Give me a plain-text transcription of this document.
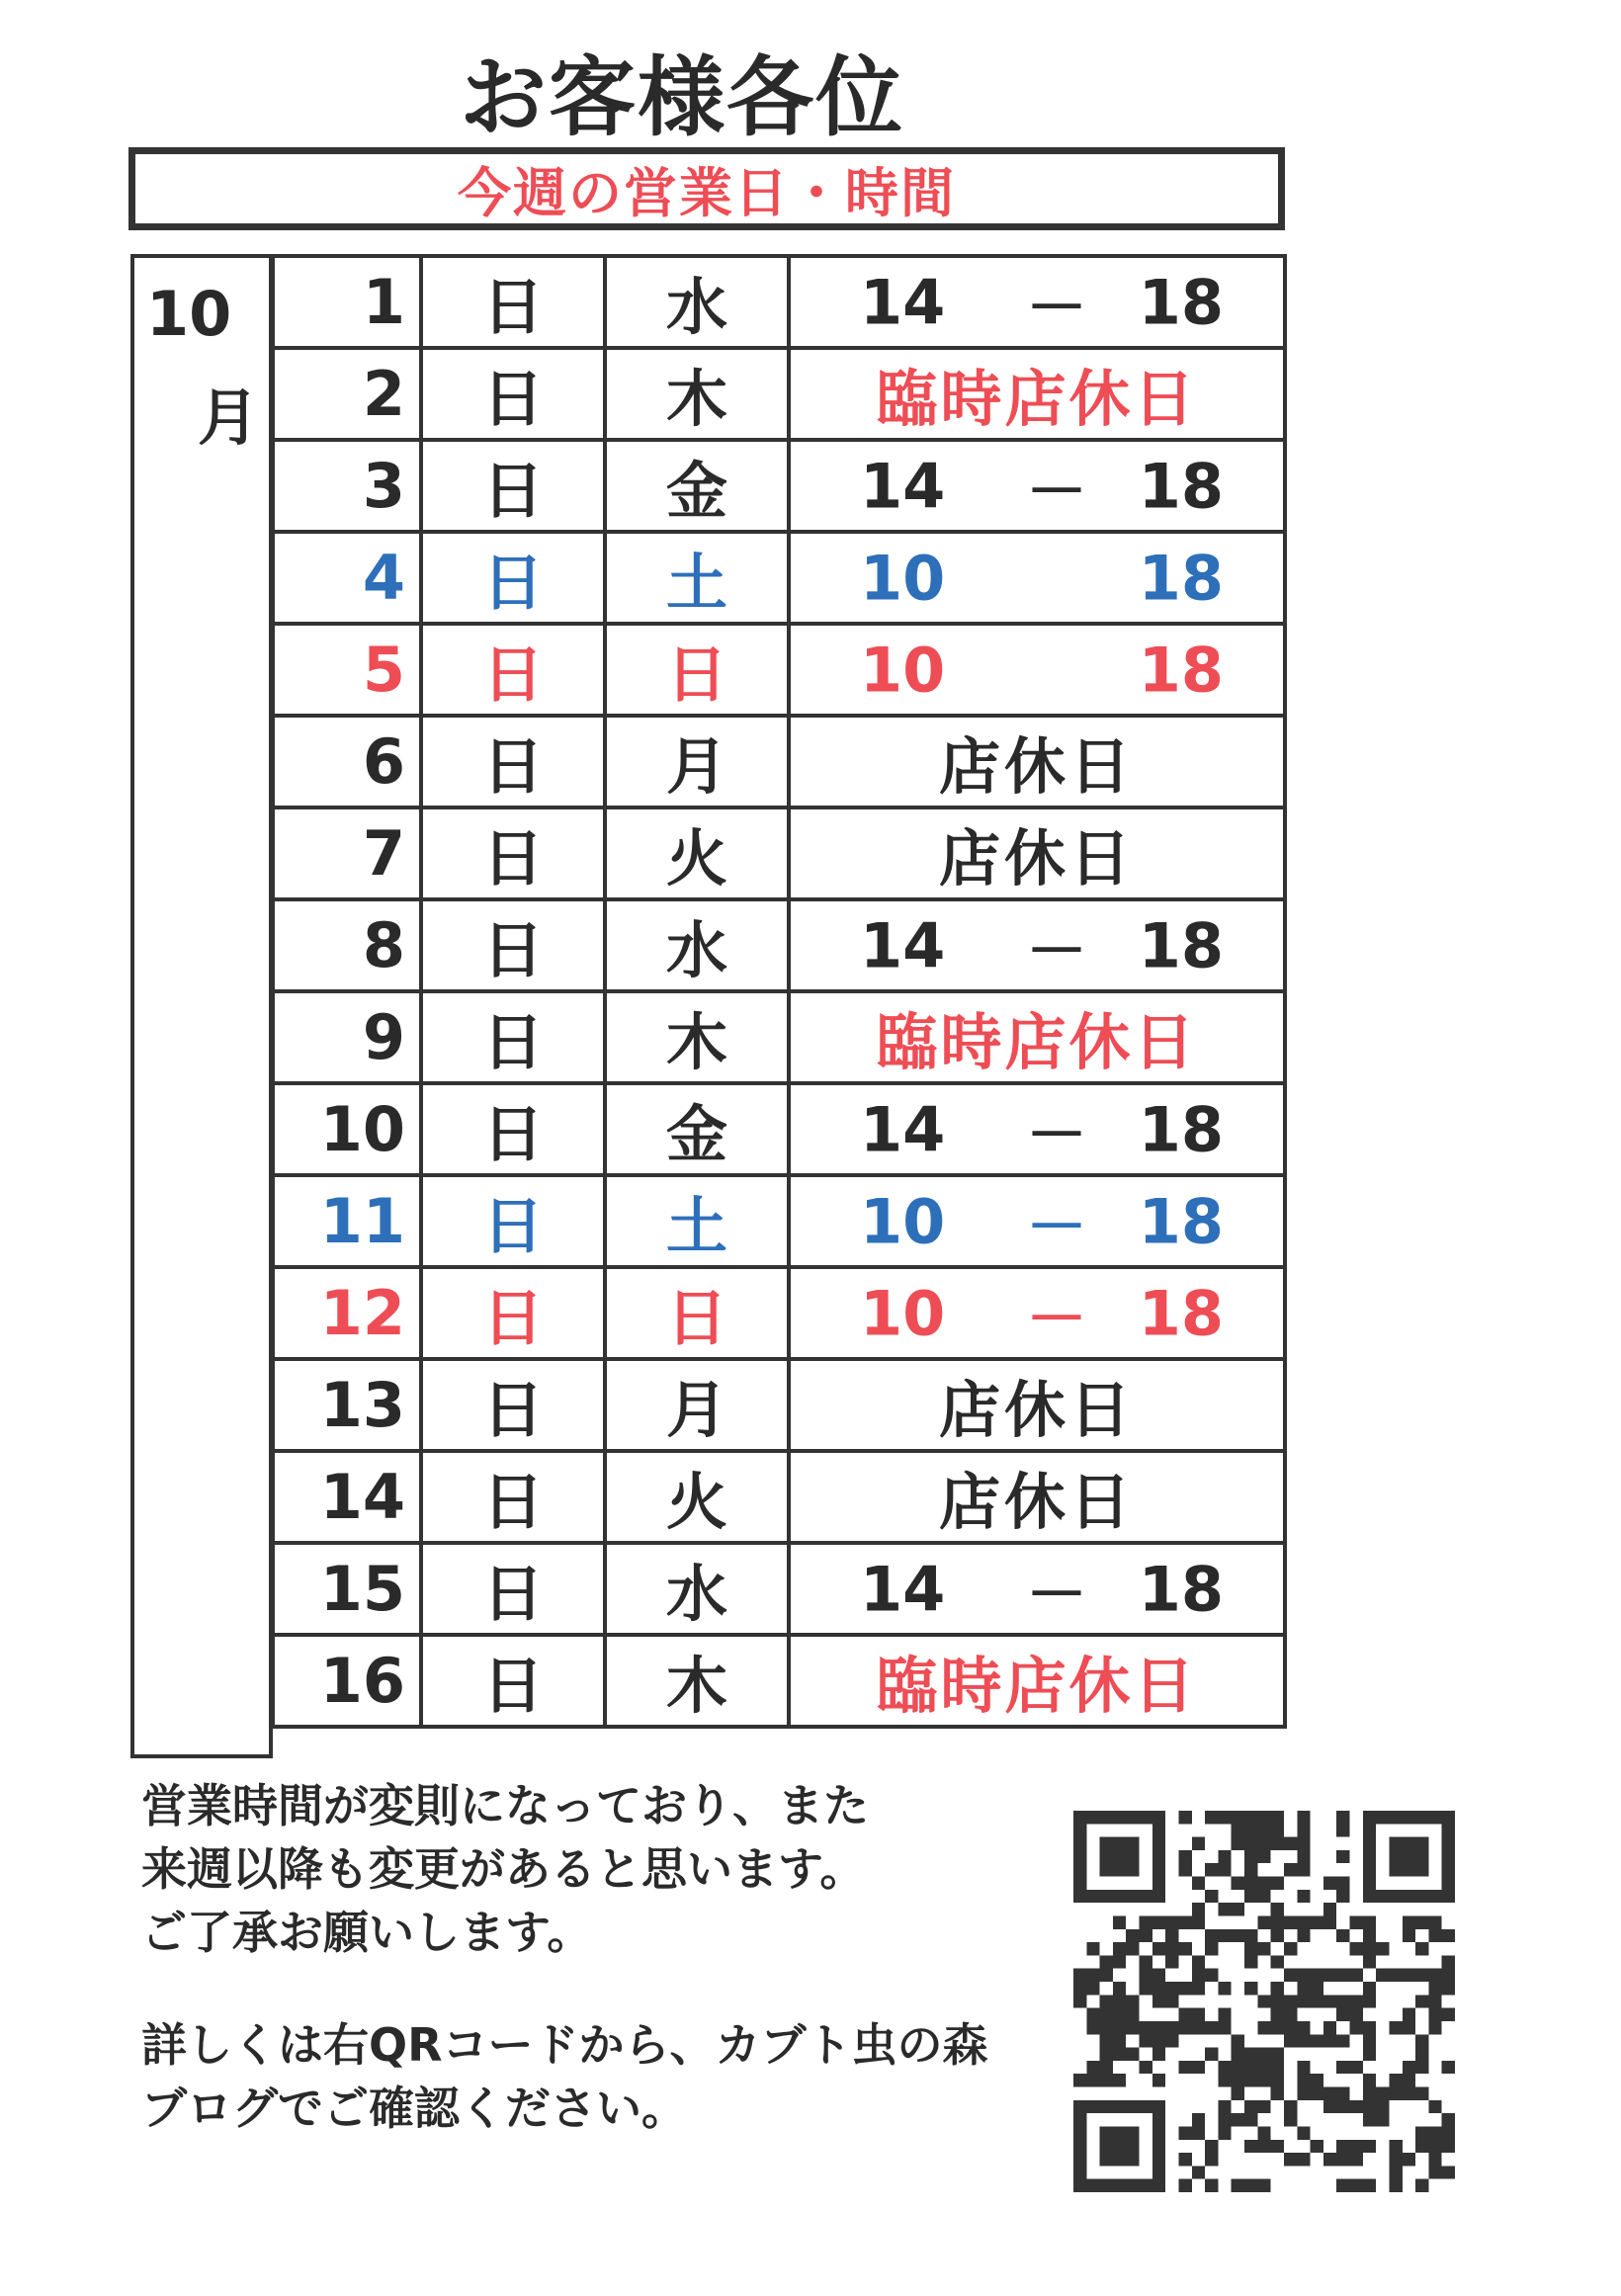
お客様各位
今週の営業日・時間
10
月
1	日	水	14 － 18

2	日	木	臨時店休日
3	日	金	14 － 18

4	日	土	10 18

5	日	日	10 18

6	日	月	店休日
7	日	火	店休日
8	日	水	14 － 18

9	日	木	臨時店休日
10	日	金	14 － 18

11	日	土	10 － 18

12	日	日	10 － 18

13	日	月	店休日
14	日	火	店休日
15	日	水	14 － 18

16	日	木	臨時店休日

営業時間が変則になっており、また

来週以降も変更があると思います。

ご了承お願いします。

詳しくは右QRコードから、カブト虫の森

ブログでご確認ください。
